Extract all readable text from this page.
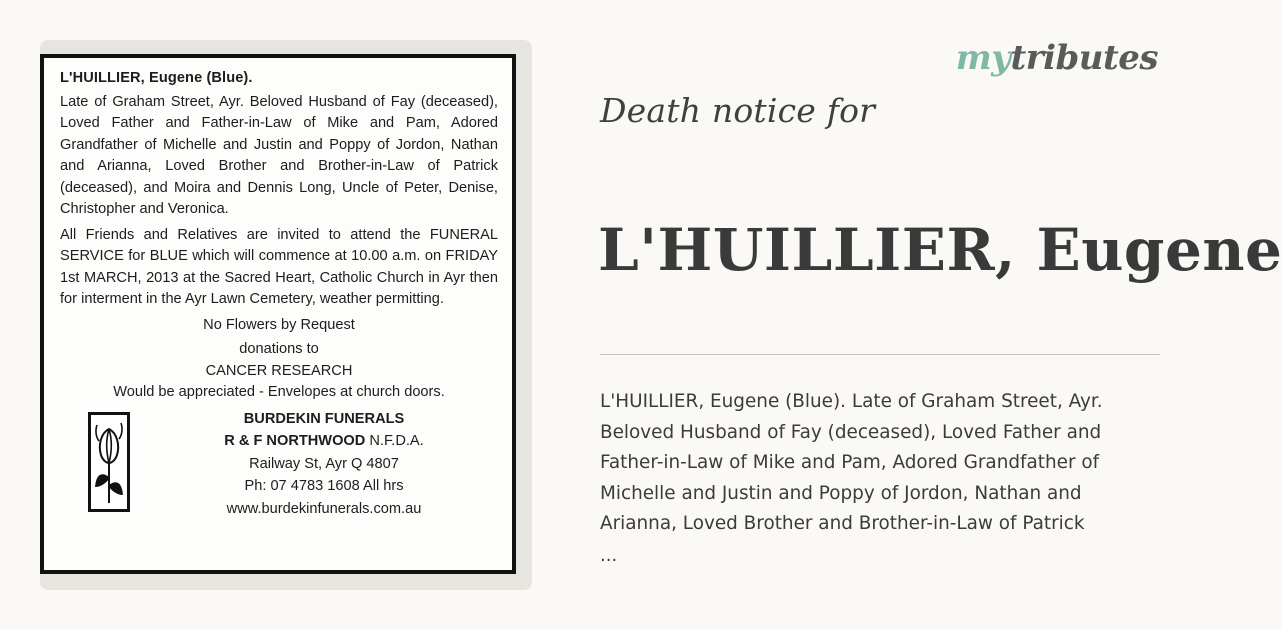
L'HUILLIER, Eugene (Blue).

Late of Graham Street, Ayr. Beloved Husband of Fay (deceased), Loved Father and Father-in-Law of Mike and Pam, Adored Grandfather of Michelle and Justin and Poppy of Jordon, Nathan and Arianna, Loved Brother and Brother-in-Law of Patrick (deceased), and Moira and Dennis Long, Uncle of Peter, Denise, Christopher and Veronica.

All Friends and Relatives are invited to attend the FUNERAL SERVICE for BLUE which will commence at 10.00 a.m. on FRIDAY 1st MARCH, 2013 at the Sacred Heart, Catholic Church in Ayr then for interment in the Ayr Lawn Cemetery, weather permitting.

No Flowers by Request

donations to

CANCER RESEARCH

Would be appreciated - Envelopes at church doors.

BURDEKIN FUNERALS
R & F NORTHWOOD N.F.D.A.
Railway St, Ayr Q 4807
Ph: 07 4783 1608 All hrs
www.burdekinfunerals.com.au
mytributes
Death notice for
L'HUILLIER, Eugene
L'HUILLIER, Eugene (Blue). Late of Graham Street, Ayr. Beloved Husband of Fay (deceased), Loved Father and Father-in-Law of Mike and Pam, Adored Grandfather of Michelle and Justin and Poppy of Jordon, Nathan and Arianna, Loved Brother and Brother-in-Law of Patrick
...
